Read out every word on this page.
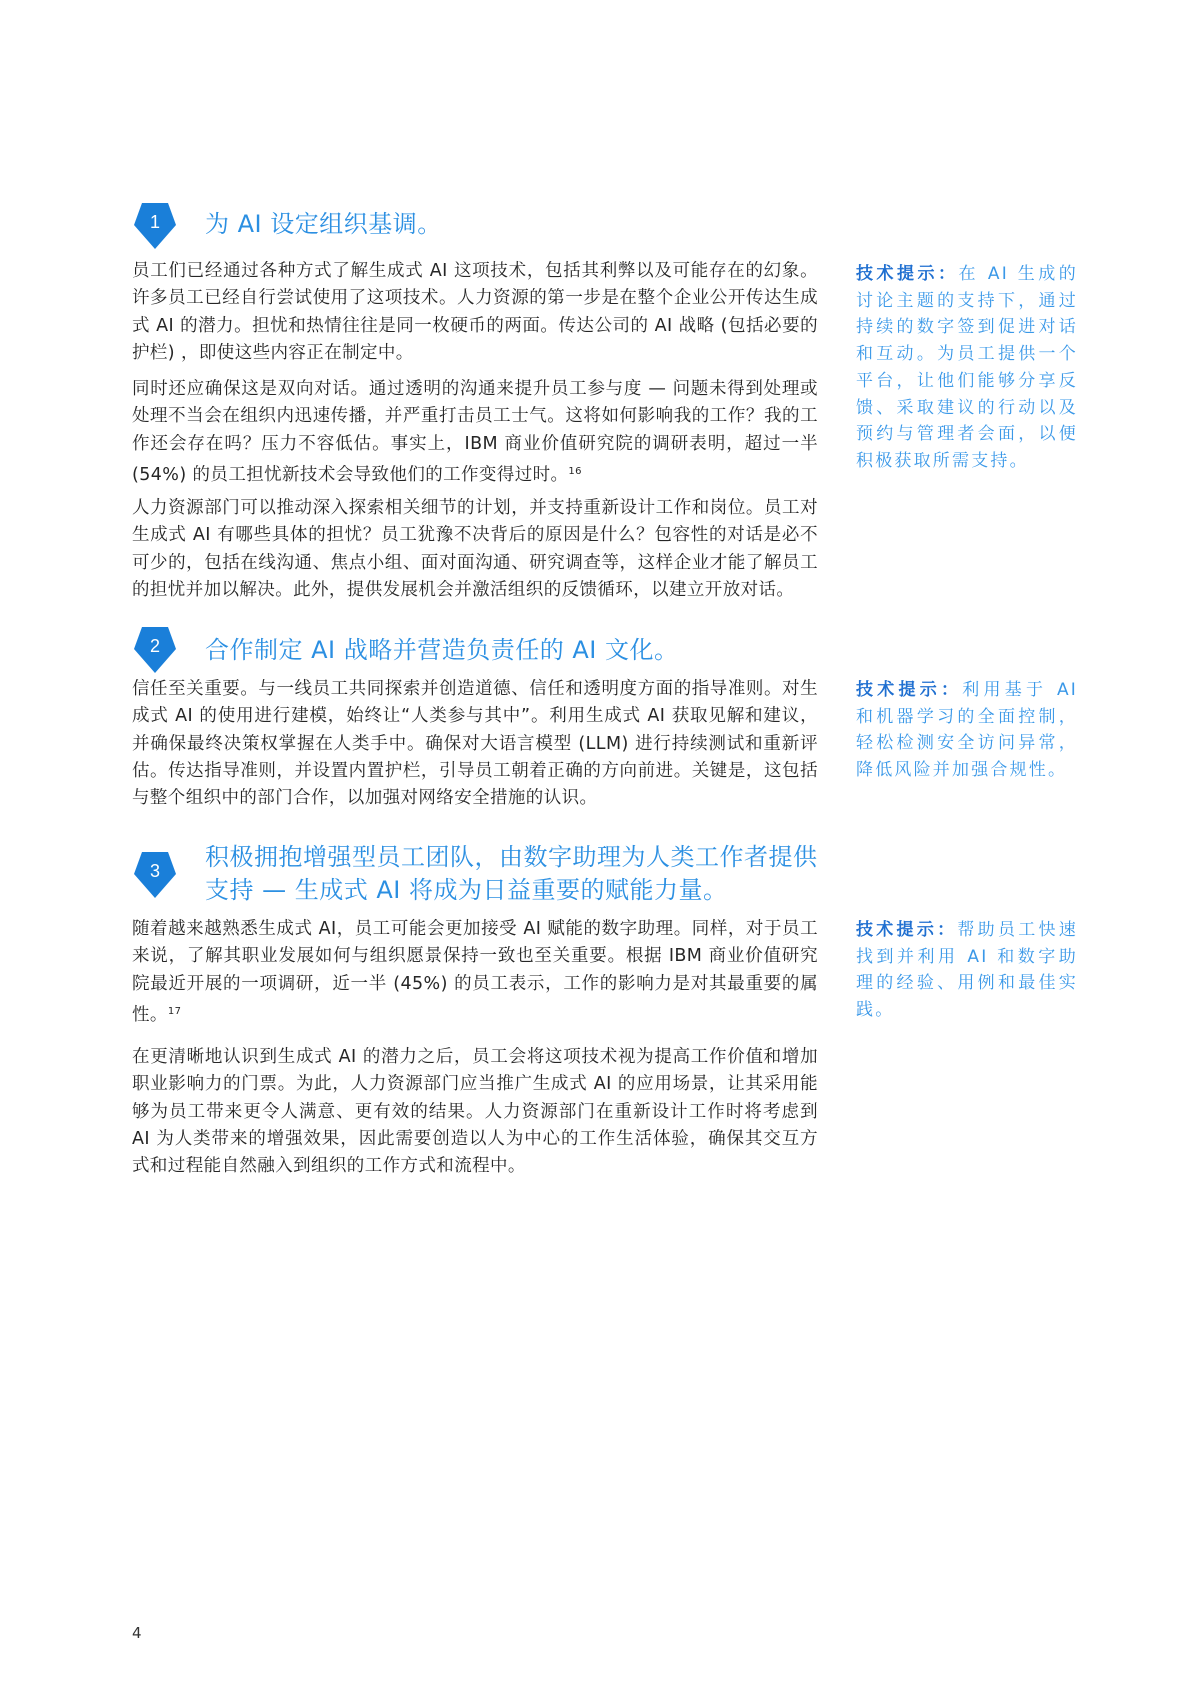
1	为 AI 设定组织基调。
员工们已经通过各种方式了解生成式 AI 这项技术，包括其利弊以及可能存在的幻象。许多员工已经自行尝试使用了这项技术。人力资源的第一步是在整个企业公开传达生成式 AI 的潜力。担忧和热情往往是同一枚硬币的两面。传达公司的 AI 战略 (包括必要的护栏) ，即使这些内容正在制定中。
同时还应确保这是双向对话。通过透明的沟通来提升员工参与度 — 问题未得到处理或处理不当会在组织内迅速传播，并严重打击员工士气。这将如何影响我的工作？我的工作还会存在吗？压力不容低估。事实上，IBM 商业价值研究院的调研表明，超过一半 (54%) 的员工担忧新技术会导致他们的工作变得过时。$^{16}$
人力资源部门可以推动深入探索相关细节的计划，并支持重新设计工作和岗位。员工对生成式 AI 有哪些具体的担忧？员工犹豫不决背后的原因是什么？包容性的对话是必不可少的，包括在线沟通、焦点小组、面对面沟通、研究调查等，这样企业才能了解员工的担忧并加以解决。此外，提供发展机会并激活组织的反馈循环，以建立开放对话。
技术提示：在 AI 生成的讨论主题的支持下，通过持续的数字签到促进对话和互动。为员工提供一个平台，让他们能够分享反馈、采取建议的行动以及预约与管理者会面，以便积极获取所需支持。
2	合作制定 AI 战略并营造负责任的 AI 文化。
信任至关重要。与一线员工共同探索并创造道德、信任和透明度方面的指导准则。对生成式 AI 的使用进行建模，始终让“人类参与其中”。利用生成式 AI 获取见解和建议，并确保最终决策权掌握在人类手中。确保对大语言模型 (LLM) 进行持续测试和重新评估。传达指导准则，并设置内置护栏，引导员工朝着正确的方向前进。关键是，这包括与整个组织中的部门合作，以加强对网络安全措施的认识。
技术提示：利用基于 AI 和机器学习的全面控制，轻松检测安全访问异常，降低风险并加强合规性。
3	积极拥抱增强型员工团队，由数字助理为人类工作者提供支持 — 生成式 AI 将成为日益重要的赋能力量。
随着越来越熟悉生成式 AI，员工可能会更加接受 AI 赋能的数字助理。同样，对于员工来说，了解其职业发展如何与组织愿景保持一致也至关重要。根据 IBM 商业价值研究院最近开展的一项调研，近一半 (45%) 的员工表示，工作的影响力是对其最重要的属性。$^{17}$
在更清晰地认识到生成式 AI 的潜力之后，员工会将这项技术视为提高工作价值和增加职业影响力的门票。为此，人力资源部门应当推广生成式 AI 的应用场景，让其采用能够为员工带来更令人满意、更有效的结果。人力资源部门在重新设计工作时将考虑到 AI 为人类带来的增强效果，因此需要创造以人为中心的工作生活体验，确保其交互方式和过程能自然融入到组织的工作方式和流程中。
技术提示：帮助员工快速找到并利用 AI 和数字助理的经验、用例和最佳实践。
4
